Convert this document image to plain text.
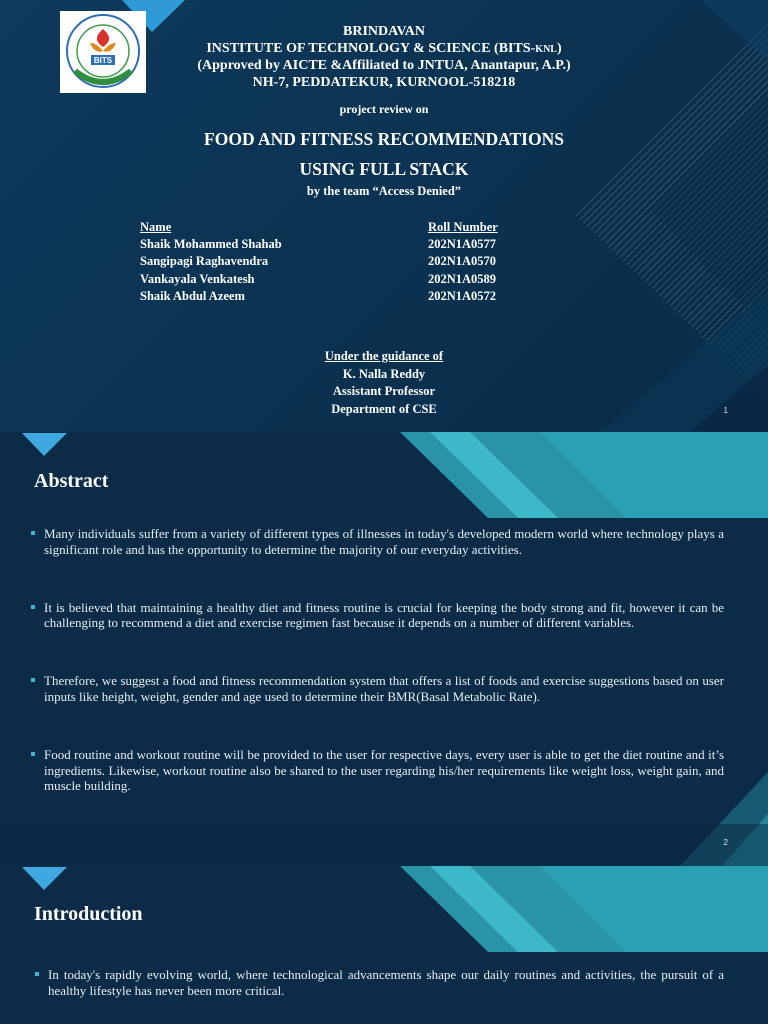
BITS
BRINDAVAN
INSTITUTE OF TECHNOLOGY & SCIENCE (BITS-KNL)
(Approved by AICTE &Affiliated to JNTUA, Anantapur, A.P.)
NH-7, PEDDATEKUR, KURNOOL-518218
project review on
FOOD AND FITNESS RECOMMENDATIONS
USING FULL STACK
by the team “Access Denied”
Name
Shaik Mohammed Shahab
Sangipagi Raghavendra
Vankayala Venkatesh
Shaik Abdul Azeem
Roll Number
202N1A0577
202N1A0570
202N1A0589
202N1A0572
Under the guidance of
K. Nalla Reddy
Assistant Professor
Department of CSE	1
Abstract
Many individuals suffer from a variety of different types of illnesses in today's developed modern world where technology plays a significant role and has the opportunity to determine the majority of our everyday activities.
It is believed that maintaining a healthy diet and fitness routine is crucial for keeping the body strong and fit, however it can be challenging to recommend a diet and exercise regimen fast because it depends on a number of different variables.
Therefore, we suggest a food and fitness recommendation system that offers a list of foods and exercise suggestions based on user inputs like height, weight, gender and age used to determine their BMR(Basal Metabolic Rate).
Food routine and workout routine will be provided to the user for respective days, every user is able to get the diet routine and it’s ingredients. Likewise, workout routine also be shared to the user regarding his/her requirements like weight loss, weight gain, and muscle building.
2
Introduction
In today's rapidly evolving world, where technological advancements shape our daily routines and activities, the pursuit of a healthy lifestyle has never been more critical.
